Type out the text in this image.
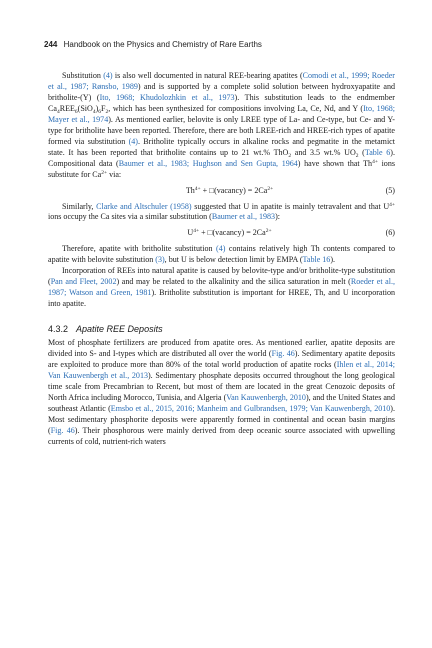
244 Handbook on the Physics and Chemistry of Rare Earths

Substitution (4) is also well documented in natural REE-bearing apatites (Comodi et al., 1999; Roeder et al., 1987; Rønsbo, 1989) and is supported by a complete solid solution between hydroxyapatite and britholite-(Y) (Ito, 1968; Khudolozhkin et al., 1973). This substitution leads to the endmember $Ca_4REE_6(SiO_4)_6F_2$, which has been synthesized for compositions involving La, Ce, Nd, and Y (Ito, 1968; Mayer et al., 1974). As mentioned earlier, belovite is only LREE type of La- and Ce-type, but Ce- and Y-type for britholite have been reported. Therefore, there are both LREE-rich and HREE-rich types of apatite formed via substitution (4). Britholite typically occurs in alkaline rocks and pegmatite in the metamict state. It has been reported that britholite contains up to 21 wt.% ThO$_2$ and 3.5 wt.% $UO_2$ (Table 6). Compositional data (Baumer et al., 1983; Hughson and Sen Gupta, 1964) have shown that $Th^{4+}$ ions substitute for $Ca^{2+}$ via:

$Th^{4+}$ + □(vacancy) = $2Ca^{2+}$	(5)

Similarly, Clarke and Altschuler (1958) suggested that U in apatite is mainly tetravalent and that $U^{4+}$ ions occupy the Ca sites via a similar substitution (Baumer et al., 1983):

$U^{4+}$ + □(vacancy) = $2Ca^{2+}$	(6)

Therefore, apatite with britholite substitution (4) contains relatively high Th contents compared to apatite with belovite substitution (3), but U is below detection limit by EMPA (Table 16).

Incorporation of REEs into natural apatite is caused by belovite-type and/or britholite-type substitution (Pan and Fleet, 2002) and may be related to the alkalinity and the silica saturation in melt (Roeder et al., 1987; Watson and Green, 1981). Britholite substitution is important for HREE, Th, and U incorporation into apatite.

4.3.2 Apatite REE Deposits

Most of phosphate fertilizers are produced from apatite ores. As mentioned earlier, apatite deposits are divided into S- and I-types which are distributed all over the world (Fig. 46). Sedimentary apatite deposits are exploited to produce more than 80% of the total world production of apatite rocks (Ihlen et al., 2014; Van Kauwenbergh et al., 2013). Sedimentary phosphate deposits occurred throughout the long geological time scale from Precambrian to Recent, but most of them are located in the great Cenozoic deposits of North Africa including Morocco, Tunisia, and Algeria (Van Kauwenbergh, 2010), and the United States and southeast Atlantic (Emsbo et al., 2015, 2016; Manheim and Gulbrandsen, 1979; Van Kauwenbergh, 2010). Most sedimentary phosphorite deposits were apparently formed in continental and ocean basin margins (Fig. 46). Their phosphorous were mainly derived from deep oceanic source associated with upwelling currents of cold, nutrient-rich waters
